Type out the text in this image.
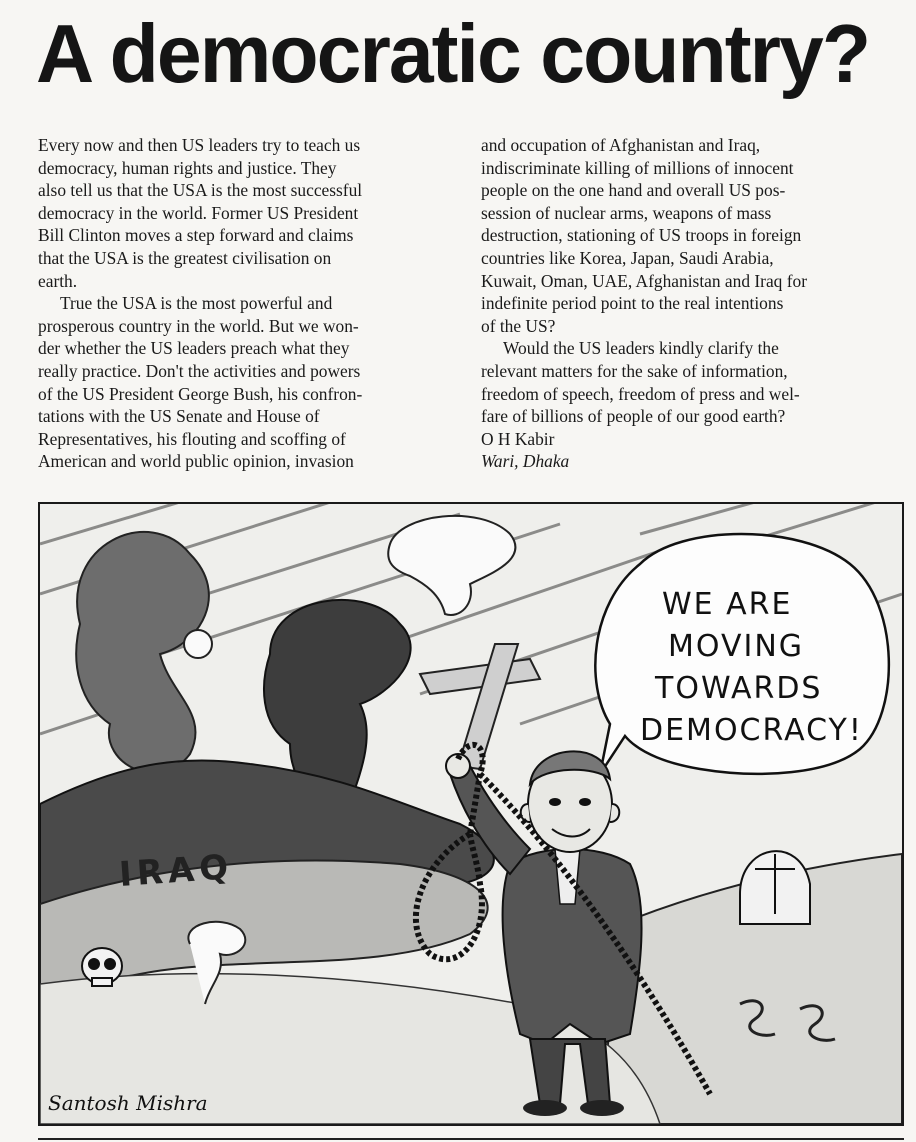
A democratic country?

Every now and then US leaders try to teach us
democracy, human rights and justice. They
also tell us that the USA is the most successful
democracy in the world. Former US President
Bill Clinton moves a step forward and claims
that the USA is the greatest civilisation on
earth.

True the USA is the most powerful and
prosperous country in the world. But we won-
der whether the US leaders preach what they
really practice. Don't the activities and powers
of the US President George Bush, his confron-
tations with the US Senate and House of
Representatives, his flouting and scoffing of
American and world public opinion, invasion

and occupation of Afghanistan and Iraq,
indiscriminate killing of millions of innocent
people on the one hand and overall US pos-
session of nuclear arms, weapons of mass
destruction, stationing of US troops in foreign
countries like Korea, Japan, Saudi Arabia,
Kuwait, Oman, UAE, Afghanistan and Iraq for
indefinite period point to the real intentions
of the US?

Would the US leaders kindly clarify the
relevant matters for the sake of information,
freedom of speech, freedom of press and wel-
fare of billions of people of our good earth?

O H Kabir

Wari, Dhaka

IRAQ
WE ARE
MOVING
TOWARDS
DEMOCRACY!
Santosh Mishra
